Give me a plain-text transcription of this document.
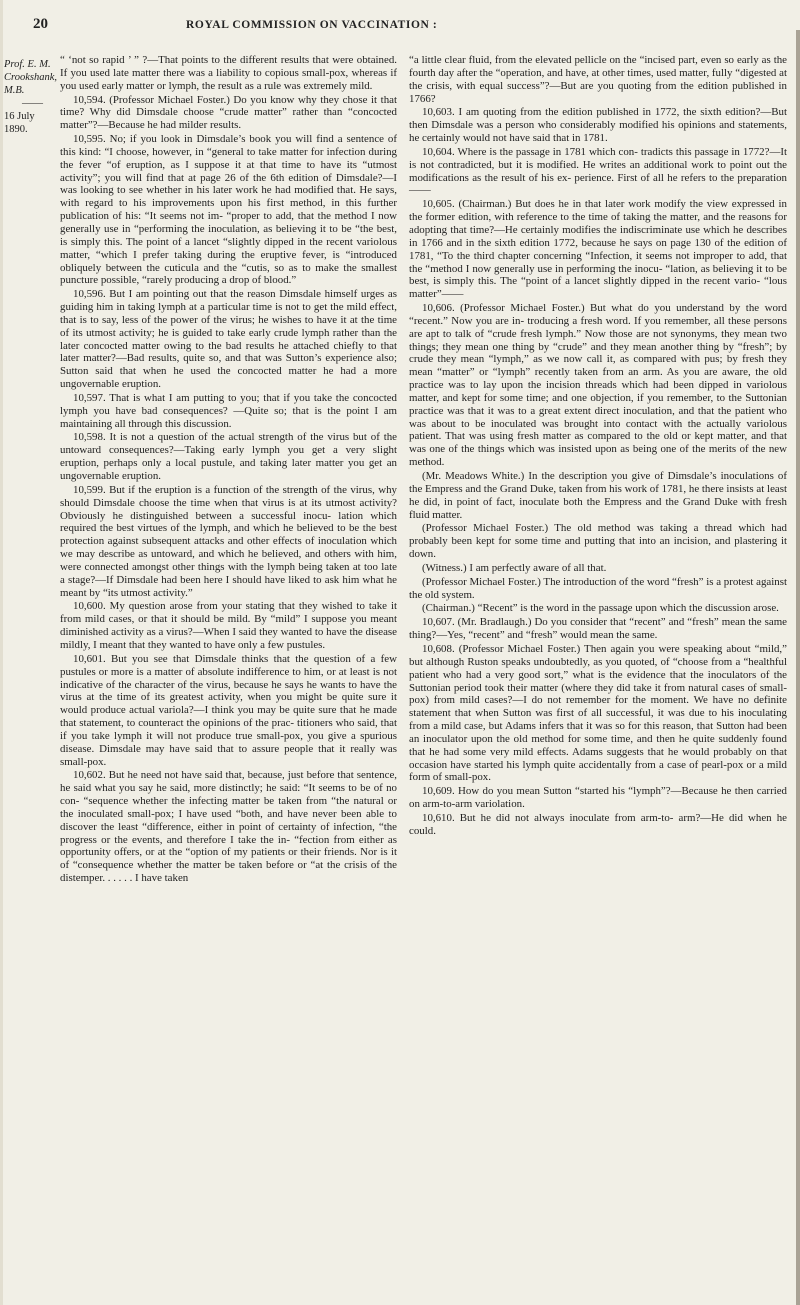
20	ROYAL COMMISSION ON VACCINATION :
Prof. E. M.
Crookshank,
M.B.
——
16 July 1890.

“ ‘not so rapid ’ ” ?—That points to the different results that were obtained. If you used late matter there was a liability to copious small-pox, whereas if you used early matter or lymph, the result as a rule was extremely mild.

10,594. (Professor Michael Foster.) Do you know why they chose it that time? Why did Dimsdale choose “crude matter” rather than “concocted matter”?—Because he had milder results.

10,595. No; if you look in Dimsdale’s book you will find a sentence of this kind: “I choose, however, in “general to take matter for infection during the fever “of eruption, as I suppose it at that time to have its “utmost activity”; you will find that at page 26 of the 6th edition of Dimsdale?—I was looking to see whether in his later work he had modified that. He says, with regard to his improvements upon his first method, in this further publication of his: “It seems not im- “proper to add, that the method I now generally use in “performing the inoculation, as believing it to be “the best, is simply this. The point of a lancet “slightly dipped in the recent variolous matter, “which I prefer taking during the eruptive fever, is “introduced obliquely between the cuticula and the “cutis, so as to make the smallest puncture possible, “rarely producing a drop of blood.”

10,596. But I am pointing out that the reason Dimsdale himself urges as guiding him in taking lymph at a particular time is not to get the mild effect, that is to say, less of the power of the virus; he wishes to have it at the time of its utmost activity; he is guided to take early crude lymph rather than the later concocted matter owing to the bad results he attached chiefly to that later matter?—Bad results, quite so, and that was Sutton’s experience also; Sutton said that when he used the concocted matter he had a more ungovernable eruption.

10,597. That is what I am putting to you; that if you take the concocted lymph you have bad consequences? —Quite so; that is the point I am maintaining all through this discussion.

10,598. It is not a question of the actual strength of the virus but of the untoward consequences?—Taking early lymph you get a very slight eruption, perhaps only a local pustule, and taking later matter you get an ungovernable eruption.

10,599. But if the eruption is a function of the strength of the virus, why should Dimsdale choose the time when that virus is at its utmost activity? Obviously he distinguished between a successful inocu- lation which required the best virtues of the lymph, and which he believed to be the best protection against subsequent attacks and other effects of inoculation which we may describe as untoward, and which he believed, and others with him, were connected amongst other things with the lymph being taken at too late a stage?—If Dimsdale had been here I should have liked to ask him what he meant by “its utmost activity.”

10,600. My question arose from your stating that they wished to take it from mild cases, or that it should be mild. By “mild” I suppose you meant diminished activity as a virus?—When I said they wanted to have the disease mildly, I meant that they wanted to have only a few pustules.

10,601. But you see that Dimsdale thinks that the question of a few pustules or more is a matter of absolute indifference to him, or at least is not indicative of the character of the virus, because he says he wants to have the virus at the time of its greatest activity, when you might be quite sure it would produce actual variola?—I think you may be quite sure that he made that statement, to counteract the opinions of the prac- titioners who said, that if you take lymph it will not produce true small-pox, you give a spurious disease. Dimsdale may have said that to assure people that it really was small-pox.

10,602. But he need not have said that, because, just before that sentence, he said what you say he said, more distinctly; he said: “It seems to be of no con- “sequence whether the infecting matter be taken from “the natural or the inoculated small-pox; I have used “both, and have never been able to discover the least “difference, either in point of certainty of infection, “the progress or the events, and therefore I take the in- “fection from either as opportunity offers, or at the “option of my patients or their friends. Nor is it of “consequence whether the matter be taken before or “at the crisis of the distemper. . . . . . I have taken

“a little clear fluid, from the elevated pellicle on the “incised part, even so early as the fourth day after the “operation, and have, at other times, used matter, fully “digested at the crisis, with equal success”?—But are you quoting from the edition published in 1766?

10,603. I am quoting from the edition published in 1772, the sixth edition?—But then Dimsdale was a person who considerably modified his opinions and statements, he certainly would not have said that in 1781.

10,604. Where is the passage in 1781 which con- tradicts this passage in 1772?—It is not contradicted, but it is modified. He writes an additional work to point out the modifications as the result of his ex- perience. First of all he refers to the preparation——

10,605. (Chairman.) But does he in that later work modify the view expressed in the former edition, with reference to the time of taking the matter, and the reasons for adopting that time?—He certainly modifies the indiscriminate use which he describes in 1766 and in the sixth edition 1772, because he says on page 130 of the edition of 1781, “To the third chapter concerning “Infection, it seems not improper to add, that the “method I now generally use in performing the inocu- “lation, as believing it to be best, is simply this. The “point of a lancet slightly dipped in the recent vario- “lous matter”——

10,606. (Professor Michael Foster.) But what do you understand by the word “recent.” Now you are in- troducing a fresh word. If you remember, all these persons are apt to talk of “crude fresh lymph.” Now those are not synonyms, they mean two things; they mean one thing by “crude” and they mean another thing by “fresh”; by crude they mean “lymph,” as we now call it, as compared with pus; by fresh they mean “matter” or “lymph” recently taken from an arm. As you are aware, the old practice was to lay upon the incision threads which had been dipped in variolous matter, and kept for some time; and one objection, if you remember, to the Suttonian practice was that it was to a great extent direct inoculation, and that the patient who was about to be inoculated was brought into contact with the actually variolous patient. That was using fresh matter as compared to the old or kept matter, and that was one of the things which was insisted upon as being one of the merits of the new method.

(Mr. Meadows White.) In the description you give of Dimsdale’s inoculations of the Empress and the Grand Duke, taken from his work of 1781, he there insists at least he did, in point of fact, inoculate both the Empress and the Grand Duke with fresh fluid matter.

(Professor Michael Foster.) The old method was taking a thread which had probably been kept for some time and putting that into an incision, and plastering it down.

(Witness.) I am perfectly aware of all that.

(Professor Michael Foster.) The introduction of the word “fresh” is a protest against the old system.

(Chairman.) “Recent” is the word in the passage upon which the discussion arose.

10,607. (Mr. Bradlaugh.) Do you consider that “recent” and “fresh” mean the same thing?—Yes, “recent” and “fresh” would mean the same.

10,608. (Professor Michael Foster.) Then again you were speaking about “mild,” but although Ruston speaks undoubtedly, as you quoted, of “choose from a “healthful patient who had a very good sort,” what is the evidence that the inoculators of the Suttonian period took their matter (where they did take it from natural cases of small-pox) from mild cases?—I do not remember for the moment. We have no definite statement that when Sutton was first of all successful, it was due to his inoculating from a mild case, but Adams infers that it was so for this reason, that Sutton had been an inoculator upon the old method for some time, and then he quite suddenly found that he had some very mild effects. Adams suggests that he would probably on that occasion have started his lymph quite accidentally from a case of pearl-pox or a mild form of small-pox.

10,609. How do you mean Sutton “started his “lymph”?—Because he then carried on arm-to-arm variolation.

10,610. But he did not always inoculate from arm-to- arm?—He did when he could.
